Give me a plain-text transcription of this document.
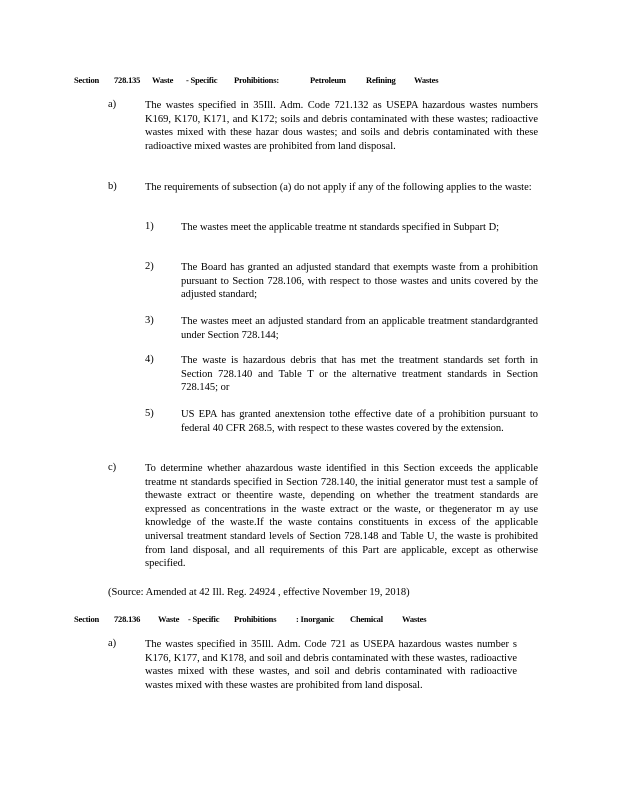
Section 728.135 Waste - Specific Prohibitions:	Petroleum Refining Wastes
a)	The wastes specified in 35Ill. Adm. Code 721.132 as USEPA hazardous wastes numbers K169, K170, K171, and K172; soils and debris contaminated with these wastes; radioactive wastes mixed with these hazar dous wastes; and soils and debris contaminated with these radioactive mixed wastes are prohibited from land disposal.
b)	The requirements of subsection (a) do not apply if any of the following applies to the waste:
1)	The wastes meet the applicable treatme nt standards specified in Subpart D;
2)	The Board has granted an adjusted standard that exempts waste from a prohibition pursuant to Section 728.106, with respect to those wastes and units covered by the adjusted standard;
3)	The wastes meet an adjusted standard from an applicable treatment standardgranted under Section 728.144;
4)	The waste is hazardous debris that has met the treatment standards set forth in Section 728.140 and Table T or the alternative treatment standards in Section 728.145; or
5)	US EPA has granted anextension tothe effective date of a prohibition pursuant to federal 40 CFR 268.5, with respect to these wastes covered by the extension.
c)	To determine whether ahazardous waste identified in this Section exceeds the applicable treatme nt standards specified in Section 728.140, the initial generator must test a sample of thewaste extract or theentire waste, depending on whether the treatment standards are expressed as concentrations in the waste extract or the waste, or thegenerator m ay use knowledge of the waste.If the waste contains constituents in excess of the applicable universal treatment standard levels of Section 728.148 and Table U, the waste is prohibited from land disposal, and all requirements of this Part are applicable, except as otherwise specified.
(Source: Amended at 42 Ill. Reg. 24924 , effective November 19, 2018)
Section 728.136 Waste - Specific Prohibitions : Inorganic Chemical Wastes
a)	The wastes specified in 35Ill. Adm. Code 721 as USEPA hazardous wastes number s K176, K177, and K178, and soil and debris contaminated with these wastes, radioactive wastes mixed with these wastes, and soil and debris contaminated with radioactive wastes mixed with these wastes are prohibited from land disposal.
